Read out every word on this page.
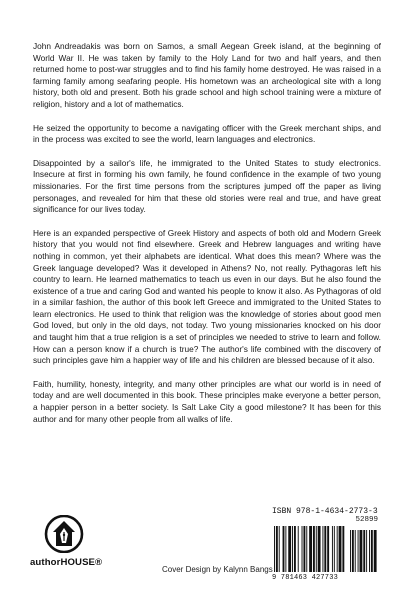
John Andreadakis was born on Samos, a small Aegean Greek island, at the beginning of World War II. He was taken by family to the Holy Land for two and half years, and then returned home to post-war struggles and to find his family home destroyed. He was raised in a farming family among seafaring people. His hometown was an archeological site with a long history, both old and present. Both his grade school and high school training were a mixture of religion, history and a lot of mathematics.

He seized the opportunity to become a navigating officer with the Greek merchant ships, and in the process was excited to see the world, learn languages and electronics.

Disappointed by a sailor's life, he immigrated to the United States to study electronics. Insecure at first in forming his own family, he found confidence in the example of two young missionaries. For the first time persons from the scriptures jumped off the paper as living personages, and revealed for him that these old stories were real and true, and have great significance for our lives today.

Here is an expanded perspective of Greek History and aspects of both old and Modern Greek history that you would not find elsewhere. Greek and Hebrew languages and writing have nothing in common, yet their alphabets are identical. What does this mean? Where was the Greek language developed? Was it developed in Athens? No, not really. Pythagoras left his country to learn. He learned mathematics to teach us even in our days. But he also found the existence of a true and caring God and wanted his people to know it also. As Pythagoras of old in a similar fashion, the author of this book left Greece and immigrated to the United States to learn electronics. He used to think that religion was the knowledge of stories about good men God loved, but only in the old days, not today. Two young missionaries knocked on his door and taught him that a true religion is a set of principles we needed to strive to learn and follow. How can a person know if a church is true? The author's life combined with the discovery of such principles gave him a happier way of life and his children are blessed because of it also.

Faith, humility, honesty, integrity, and many other principles are what our world is in need of today and are well documented in this book. These principles make everyone a better person, a happier person in a better society. Is Salt Lake City a good milestone? It has been for this author and for many other people from all walks of life.

authorHOUSE®
Cover Design by Kalynn Bangs
ISBN 978-1-4634-2773-3
52899
9 781463 427733
